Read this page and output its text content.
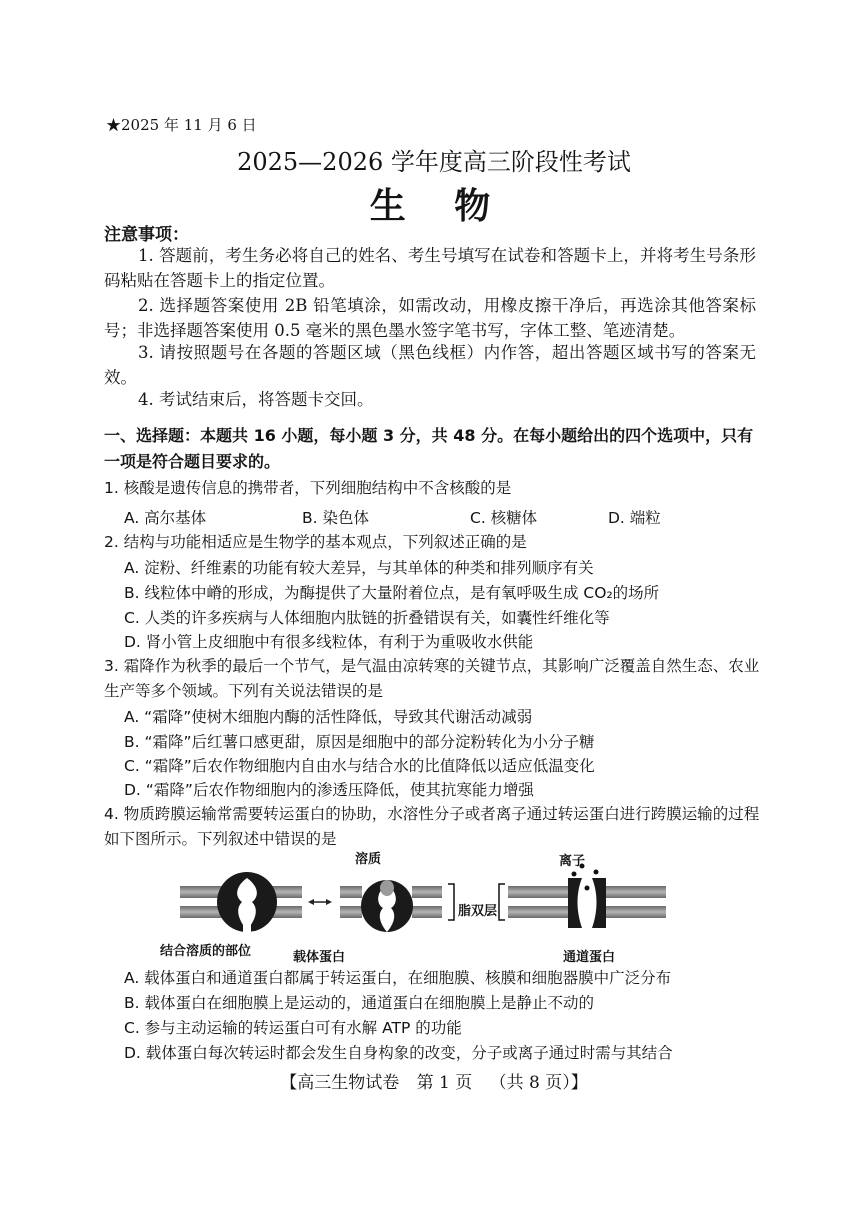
★2025 年 11 月 6 日
2025—2026 学年度高三阶段性考试
生 物
注意事项：
1. 答题前，考生务必将自己的姓名、考生号填写在试卷和答题卡上，并将考生号条形码粘贴在答题卡上的指定位置。
2. 选择题答案使用 2B 铅笔填涂，如需改动，用橡皮擦干净后，再选涂其他答案标号；非选择题答案使用 0.5 毫米的黑色墨水签字笔书写，字体工整、笔迹清楚。
3. 请按照题号在各题的答题区域（黑色线框）内作答，超出答题区域书写的答案无效。
4. 考试结束后，将答题卡交回。
一、选择题：本题共 16 小题，每小题 3 分，共 48 分。在每小题给出的四个选项中，只有一项是符合题目要求的。
1. 核酸是遗传信息的携带者，下列细胞结构中不含核酸的是
A. 高尔基体	B. 染色体	C. 核糖体	D. 端粒
2. 结构与功能相适应是生物学的基本观点，下列叙述正确的是
A. 淀粉、纤维素的功能有较大差异，与其单体的种类和排列顺序有关
B. 线粒体中嵴的形成，为酶提供了大量附着位点，是有氧呼吸生成 CO₂的场所
C. 人类的许多疾病与人体细胞内肽链的折叠错误有关，如囊性纤维化等
D. 肾小管上皮细胞中有很多线粒体，有利于为重吸收水供能
3. 霜降作为秋季的最后一个节气，是气温由凉转寒的关键节点，其影响广泛覆盖自然生态、农业生产等多个领域。下列有关说法错误的是
A. “霜降”使树木细胞内酶的活性降低，导致其代谢活动减弱
B. “霜降”后红薯口感更甜，原因是细胞中的部分淀粉转化为小分子糖
C. “霜降”后农作物细胞内自由水与结合水的比值降低以适应低温变化
D. “霜降”后农作物细胞内的渗透压降低，使其抗寒能力增强
4. 物质跨膜运输常需要转运蛋白的协助，水溶性分子或者离子通过转运蛋白进行跨膜运输的过程如下图所示。下列叙述中错误的是
结合溶质的部位	载体蛋白
溶质
脂双层
离子
通道蛋白
A. 载体蛋白和通道蛋白都属于转运蛋白，在细胞膜、核膜和细胞器膜中广泛分布
B. 载体蛋白在细胞膜上是运动的，通道蛋白在细胞膜上是静止不动的
C. 参与主动运输的转运蛋白可有水解 ATP 的功能
D. 载体蛋白每次转运时都会发生自身构象的改变，分子或离子通过时需与其结合
【高三生物试卷 第 1 页 （共 8 页）】
